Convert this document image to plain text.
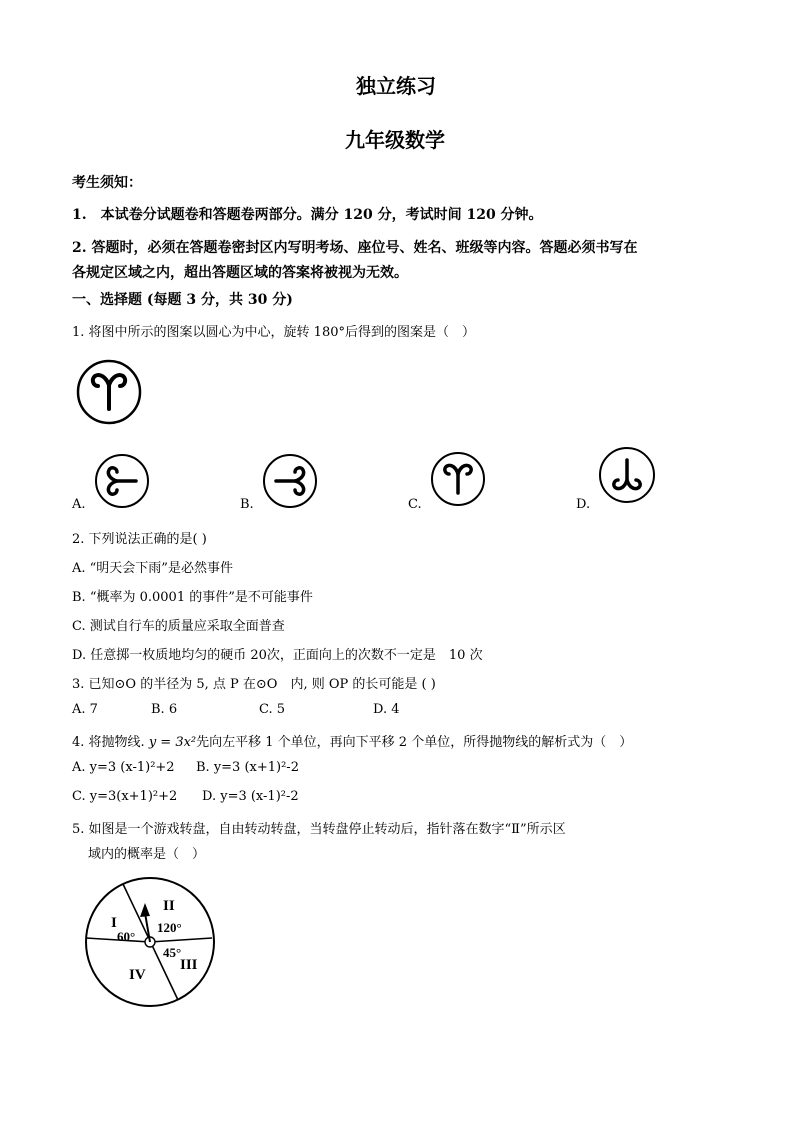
独立练习
九年级数学
考生须知：
1.　本试卷分试题卷和答题卷两部分。满分 120 分，考试时间 120 分钟。
2. 答题时，必须在答题卷密封区内写明考场、座位号、姓名、班级等内容。答题必须书写在
各规定区域之内，超出答题区域的答案将被视为无效。
一、选择题 (每题 3 分，共 30 分)
1. 将图中所示的图案以圆心为中心，旋转 180°后得到的图案是（　）
A.	B.	C.	D.
2. 下列说法正确的是( )
A. “明天会下雨”是必然事件
B. “概率为 0.0001 的事件”是不可能事件
C. 测试自行车的质量应采取全面普查
D. 任意掷一枚质地均匀的硬币 20次，正面向上的次数不一定是　10 次
3. 已知⊙O 的半径为 5, 点 P 在⊙O　内, 则 OP 的长可能是 ( )
A. 7	B. 6	C. 5	D. 4
4. 将抛物线. y = 3x²先向左平移 1 个单位，再向下平移 2 个单位，所得抛物线的解析式为（　）
A. y=3 (x-1)²+2 B. y=3 (x+1)²-2
C. y=3(x+1)²+2 D. y=3 (x-1)²-2
5. 如图是一个游戏转盘，自由转动转盘，当转盘停止转动后，指针落在数字“Ⅱ”所示区
域内的概率是（　）
I
II
III
IV
60°
120°
45°
